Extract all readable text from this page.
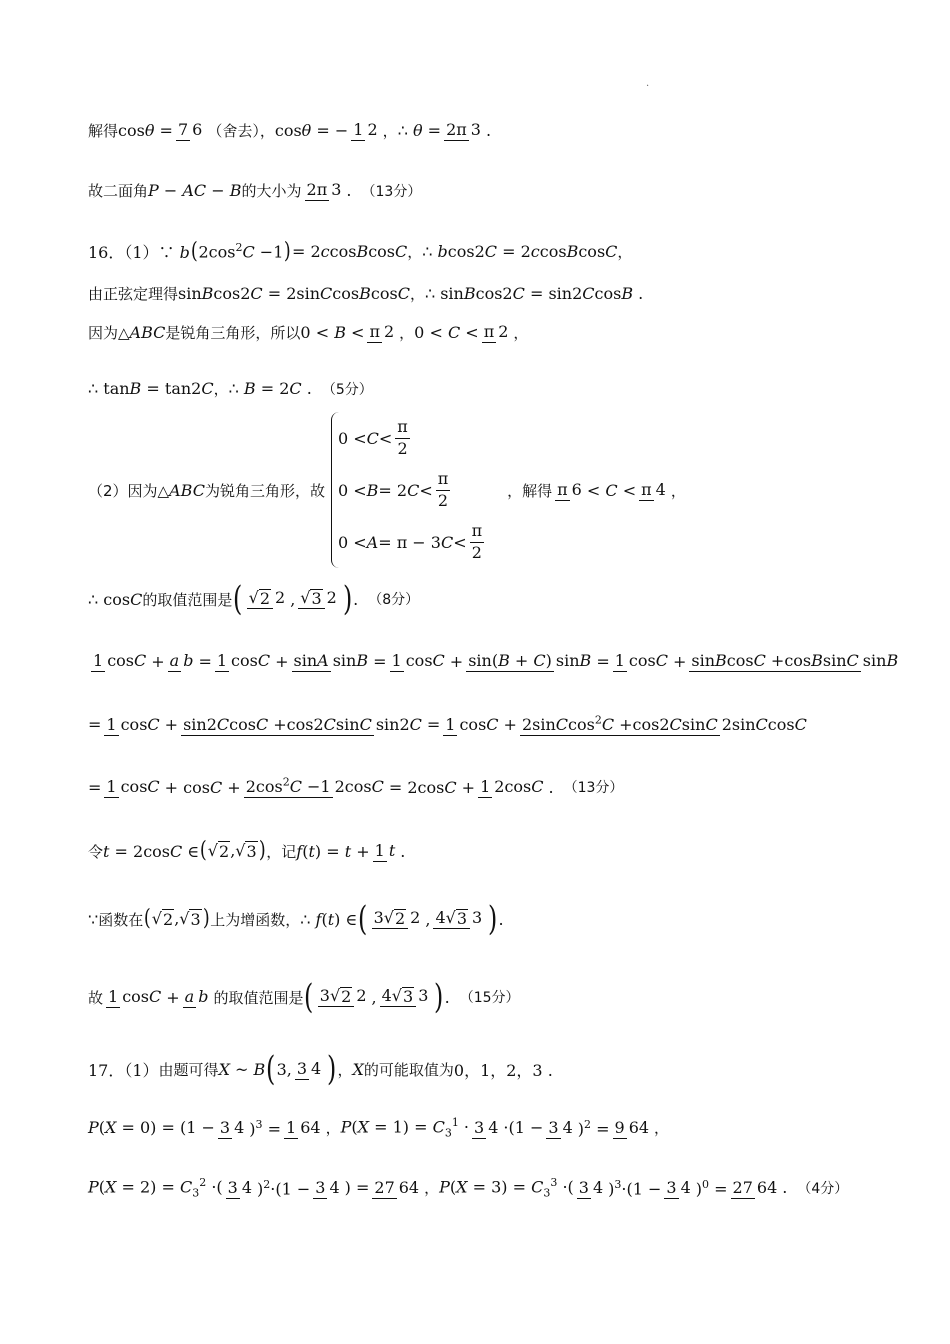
.
解得 cosθ = 7 6 （舍去）， cosθ = − 1 2 ， ∴ θ = 2π 3 .
故二面角 P − AC − B 的大小为 2π 3 . （13分）
16．（1）∵ b ( $2\cos^2C -1$ ) = 2ccosBcosC ， ∴ bcos2C = 2ccosBcosC ，
由正弦定理得 sinBcos2C = 2sinCcosBcosC ， ∴ sinBcos2C = sin2CcosB .
因为△ ABC 是锐角三角形，所以 0 < B < π 2 ， 0 < C < π 2 ，
∴ tanB = tan2C ， ∴ B = 2C . （5分）
（2）因为△ ABC 为锐角三角形，故
$0 < C < \frac{\pi}{2}$
0 < B = 2 $C < \frac{\pi}{2}$
0 < A = π − 3 $C < \frac{\pi}{2}$
，解得 π 6 < C < π 4 ，
∴ cosC 的取值范围是 ( √ 2 2 , √ 3 2 ) . （8分）
1 cosC + a b = 1 cosC + sinA sinB = 1 cosC + sin(B + C) sinB = 1 cosC + sinBcosC +cosBsinC sinB
= 1 cosC + sin2CcosC +cos2CsinC sin2C = 1 cosC + 2sinCcos$^2$C +cos2CsinC 2sinCcosC
= 1 $\cos C + \cos C + 2\cos^2C -1$ 2cosC = 2cosC + 1 2cosC . （13分）
令 t = 2cosC ∈ ( √ 2 , √ 3 ) ，记 f(t) = t + 1 t .
∵ 函数在 ( √ 2 , √ 3 ) 上为增函数， ∴ f(t) ∈ ( 3 √ 2 2 , 4 √ 3 3 ) .
故 1 cosC + a b 的取值范围是 ( 3 √ 2 2 , 4 √ 3 3 ) . （15分）
17．（1） 由题可得 X ~ B ( 3, 3 4 ) ， X 的可能取值为 0，1，2，3 .
P(X = 0) = (1 − 3 4 )$^3$ = 1 64 ， $P(X = 1) = C_3^1 \cdot 3$ 4 ·(1 − 3 4 )$^2$ = 9 64 ，
$P(X = 2) = C_3^2$ ·( 3 4 )$^2$·(1 − 3 4 ) = 27 64 ， $P(X = 3) = C_3^3$ ·( 3 4 )$^3$·(1 − 3 4 )$^0$ = 27 64 . （4分）
